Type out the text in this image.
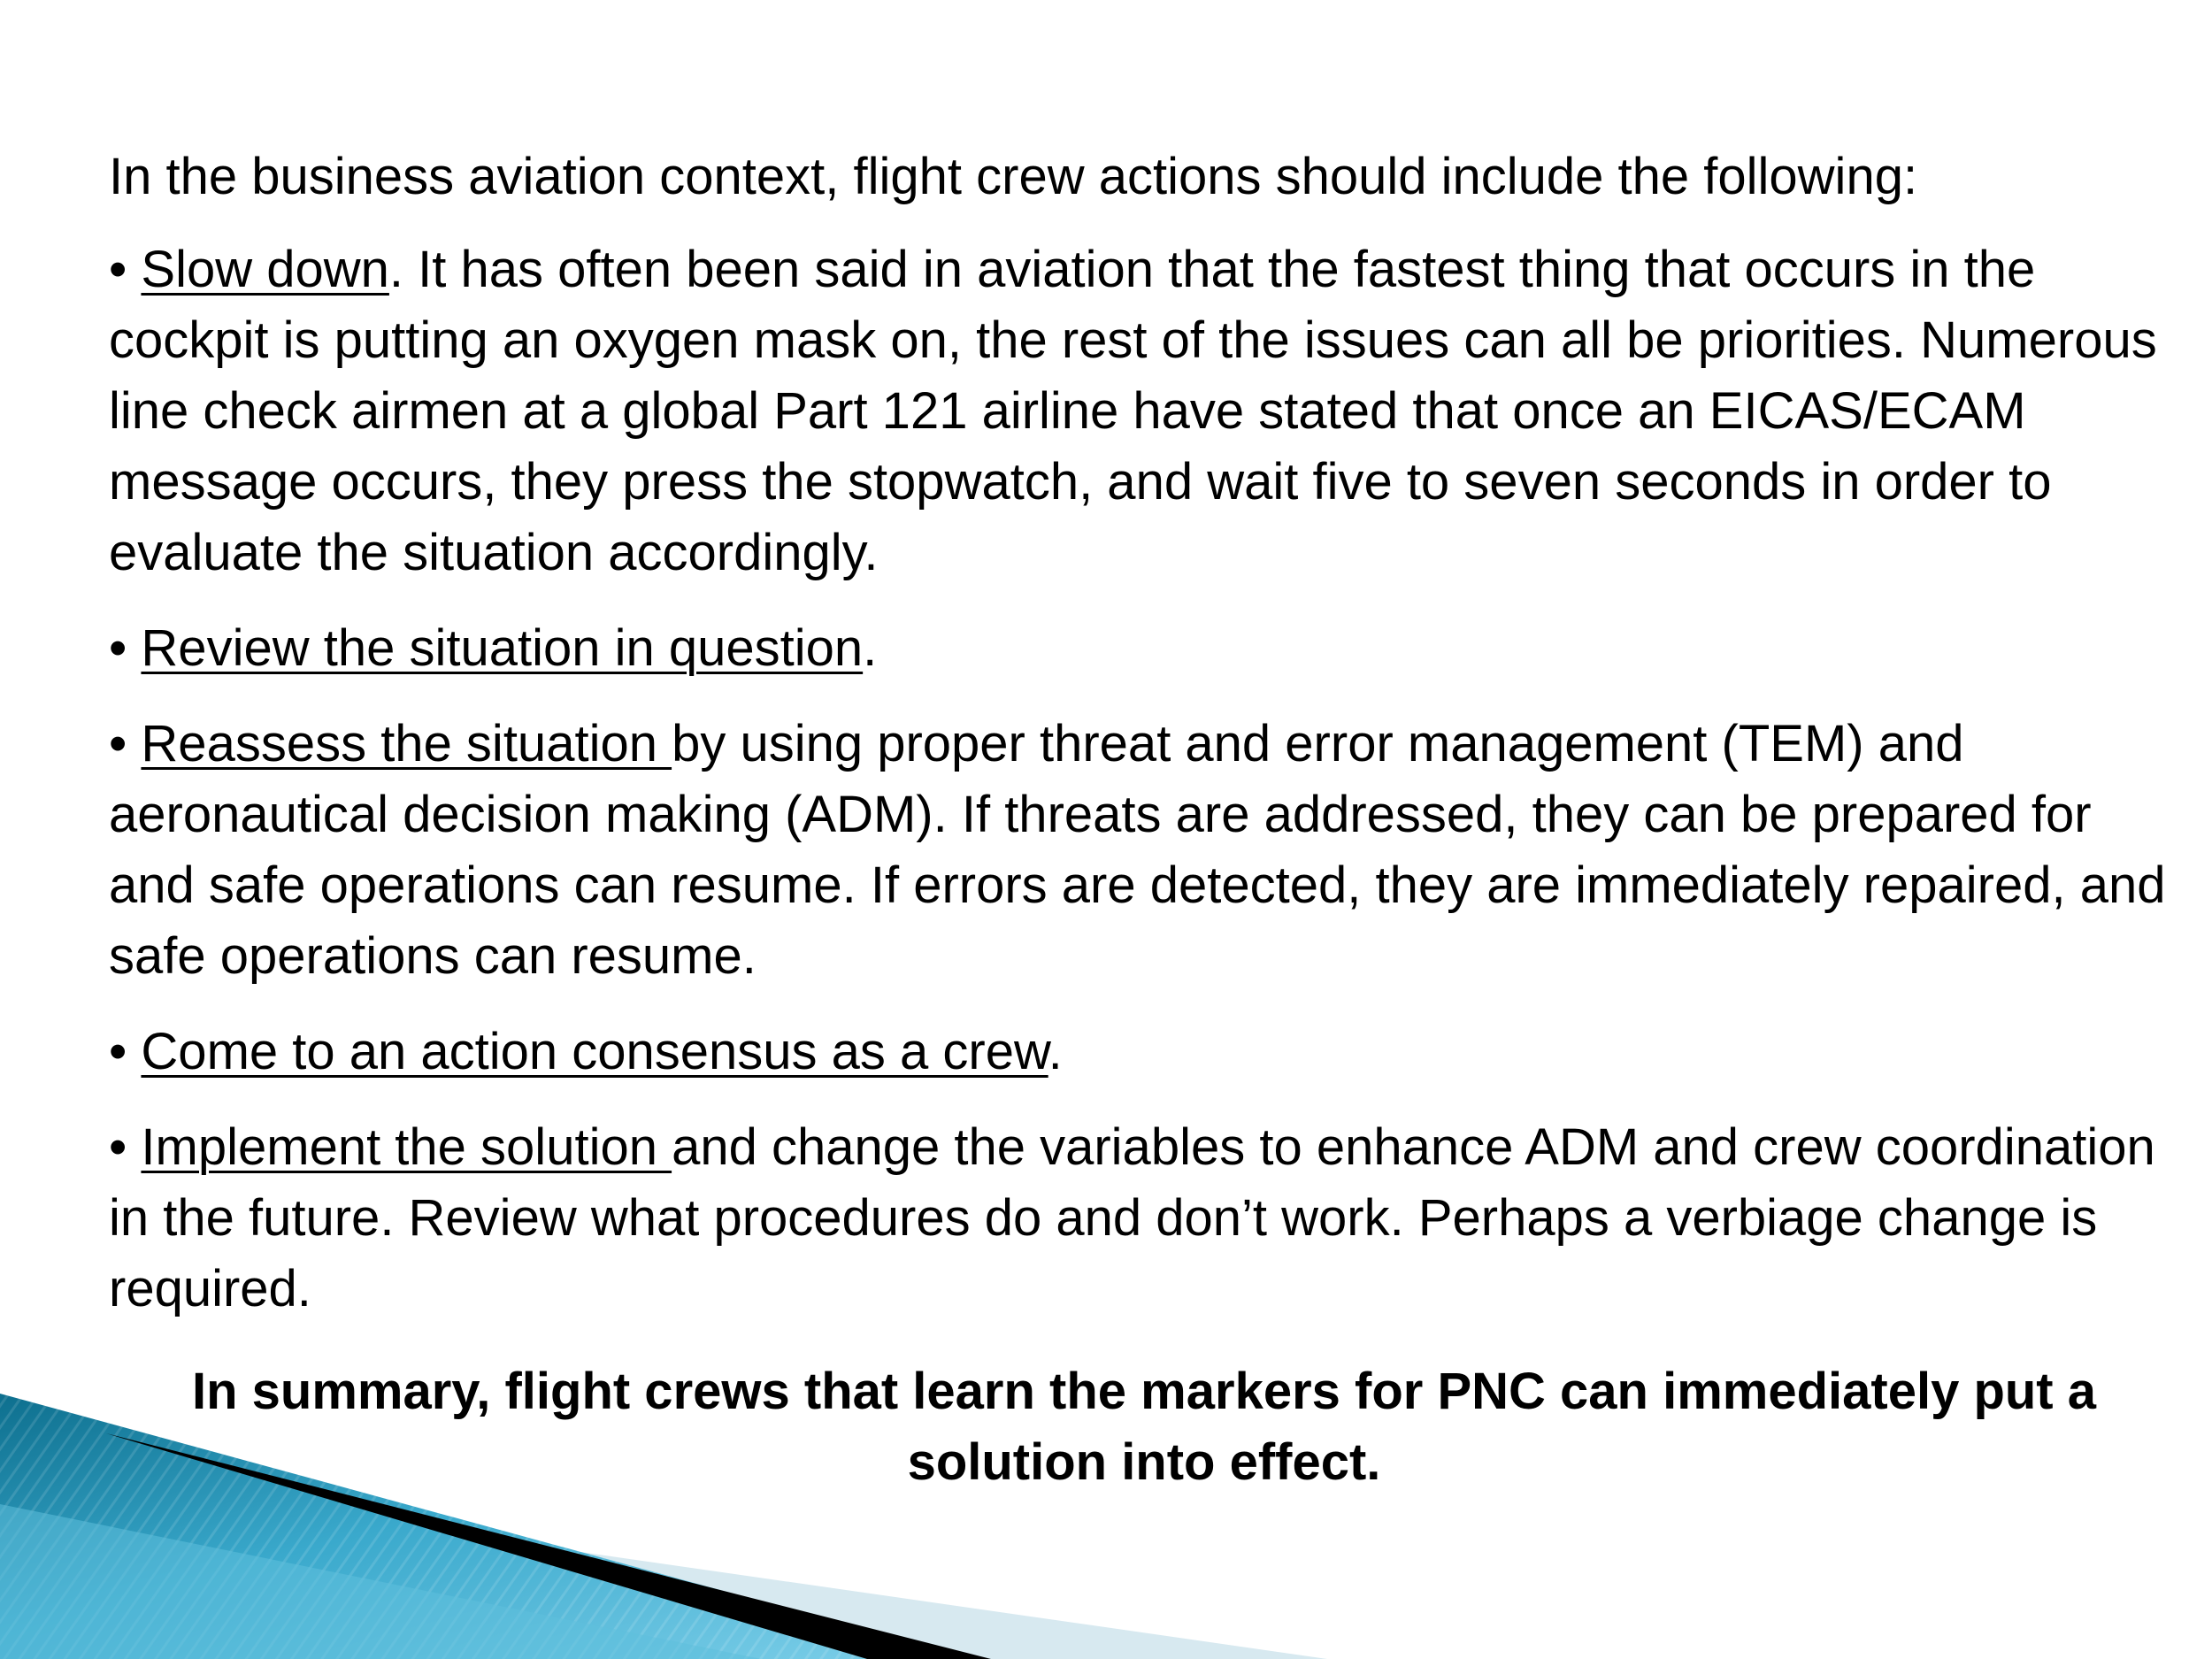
In the business aviation context, flight crew actions should include the following:

• Slow down. It has often been said in aviation that the fastest thing that occurs in the cockpit is putting an oxygen mask on, the rest of the issues can all be priorities. Numerous line check airmen at a global Part 121 airline have stated that once an EICAS/ECAM message occurs, they press the stopwatch, and wait five to seven seconds in order to evaluate the situation accordingly.

• Review the situation in question.

• Reassess the situation by using proper threat and error management (TEM) and aeronautical decision making (ADM). If threats are addressed, they can be prepared for and safe operations can resume. If errors are detected, they are immediately repaired, and safe operations can resume.

• Come to an action consensus as a crew.

• Implement the solution and change the variables to enhance ADM and crew coordination in the future. Review what procedures do and don’t work. Perhaps a verbiage change is required.

In summary, flight crews that learn the markers for PNC can immediately put a solution into effect.
